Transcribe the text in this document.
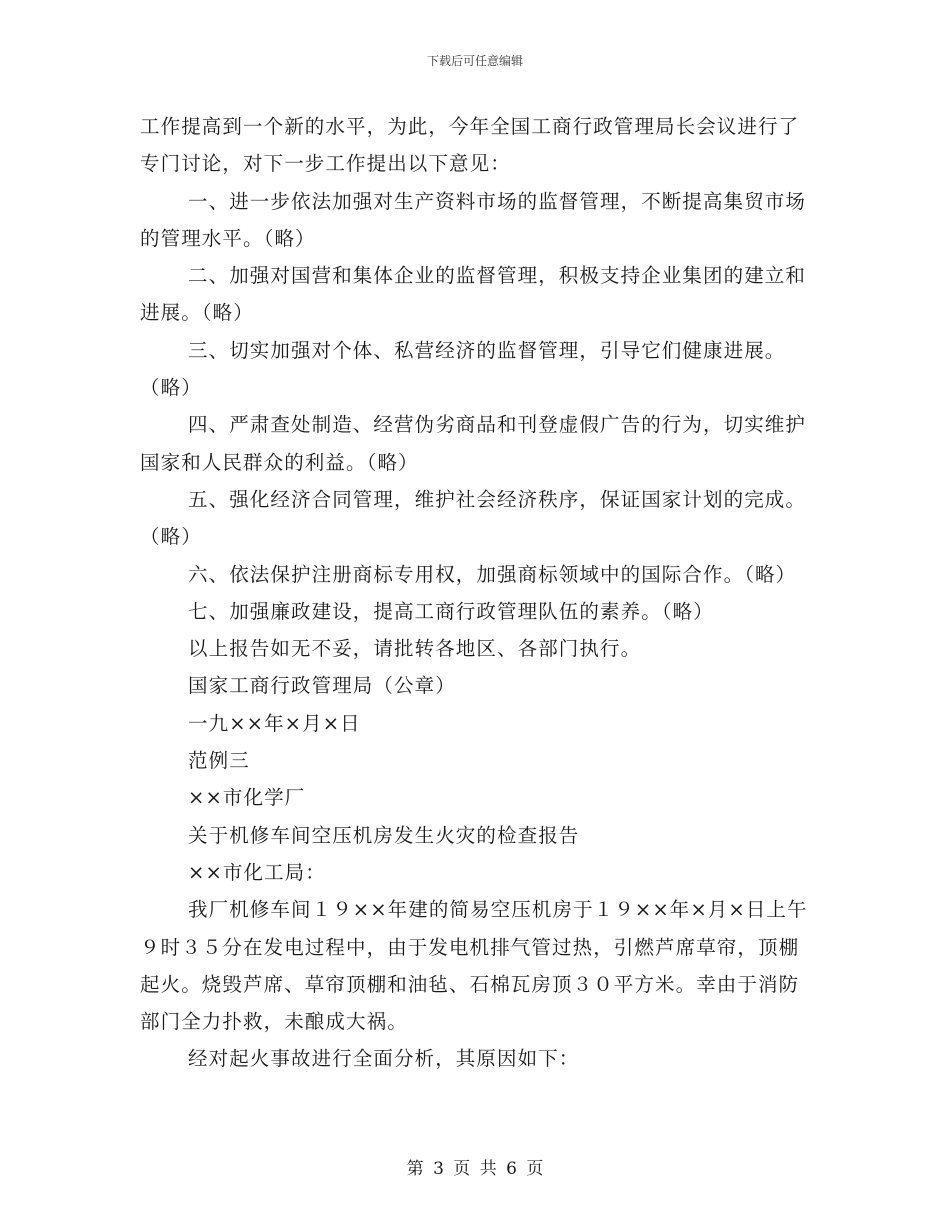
下载后可任意编辑

工作提高到一个新的水平，为此，今年全国工商行政管理局长会议进行了专门讨论，对下一步工作提出以下意见：

一、进一步依法加强对生产资料市场的监督管理，不断提高集贸市场的管理水平。（略）

二、加强对国营和集体企业的监督管理，积极支持企业集团的建立和进展。（略）

三、切实加强对个体、私营经济的监督管理，引导它们健康进展。（略）

四、严肃查处制造、经营伪劣商品和刊登虚假广告的行为，切实维护国家和人民群众的利益。（略）

五、强化经济合同管理，维护社会经济秩序，保证国家计划的完成。（略）

六、依法保护注册商标专用权，加强商标领域中的国际合作。（略）

七、加强廉政建设，提高工商行政管理队伍的素养。（略）

以上报告如无不妥，请批转各地区、各部门执行。

国家工商行政管理局（公章）

一九××年×月×日

范例三

××市化学厂

关于机修车间空压机房发生火灾的检查报告

××市化工局：

我厂机修车间１９××年建的简易空压机房于１９××年×月×日上午９时３５分在发电过程中，由于发电机排气管过热，引燃芦席草帘，顶棚起火。烧毁芦席、草帘顶棚和油毡、石棉瓦房顶３０平方米。幸由于消防部门全力扑救，未酿成大祸。

经对起火事故进行全面分析，其原因如下：

第 3 页 共 6 页
